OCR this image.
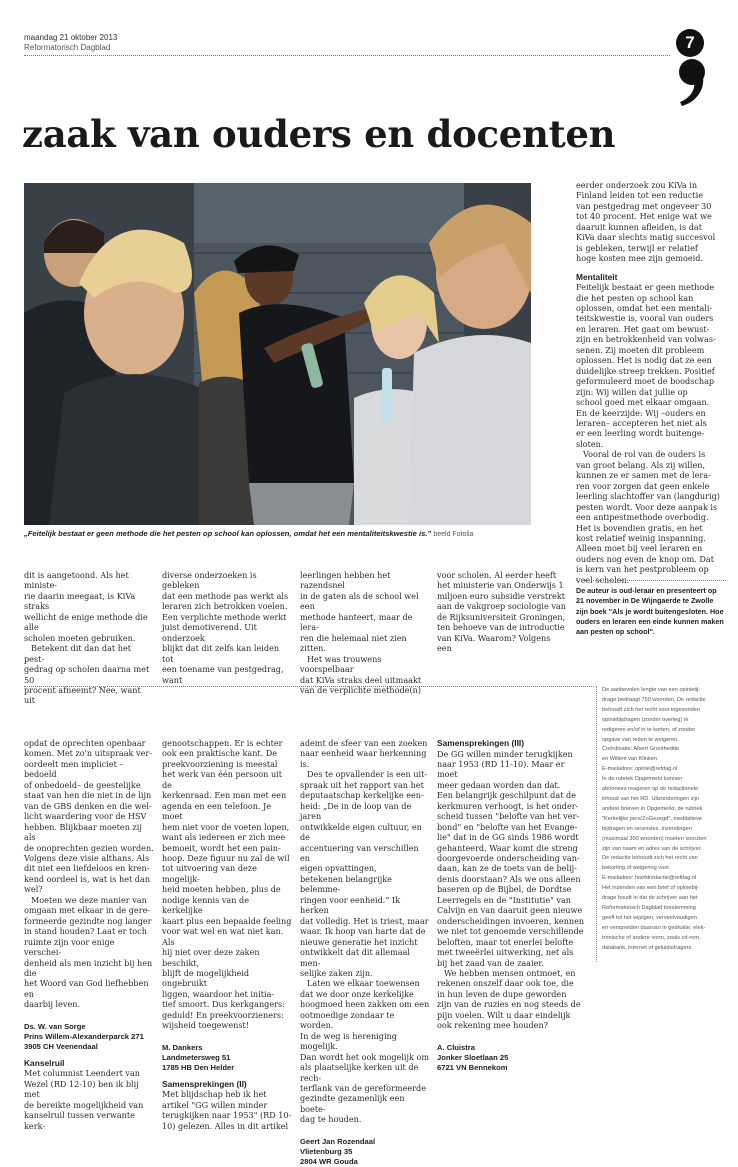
maandag 21 oktober 2013
Reformatorisch Dagblad	7
zaak van ouders en docenten
„Feitelijk bestaat er geen methode die het pesten op school kan oplossen, omdat het een mentaliteitskwestie is.” beeld Fotolia

eerder onderzoek zou KiVa in

Finland leiden tot een reductie

van pestgedrag met ongeveer 30

tot 40 procent. Het enige wat we

daaruit kunnen afleiden, is dat

KiVa daar slechts matig succesvol

is gebleken, terwijl er relatief

hoge kosten mee zijn gemoeid.

Mentaliteit

Feitelijk bestaat er geen methode

die het pesten op school kan

oplossen, omdat het een mentali-

teitskwestie is, vooral van ouders

en leraren. Het gaat om bewust-

zijn en betrokkenheid van volwas-

senen. Zij moeten dit probleem

oplossen. Het is nodig dat ze een

duidelijke streep trekken. Positief

geformuleerd moet de boodschap

zijn: Wij willen dat jullie op

school goed met elkaar omgaan.

En de keerzijde: Wij –ouders en

leraren– accepteren het niet als

er een leerling wordt buitenge-

sloten.

Vooral de rol van de ouders is

van groot belang. Als zij willen,

kunnen ze er samen met de lera-

ren voor zorgen dat geen enkele

leerling slachtoffer van (langdurig)

pesten wordt. Voor deze aanpak is

een antipestmethode overbodig.

Het is bovendien gratis, en het

kost relatief weinig inspanning.

Alleen moet bij veel leraren en

ouders nog even de knop om. Dat

is kern van het pestprobleem op

veel scholen.

De auteur is oud-leraar en presenteert op
21 november in De Wijngaerde te Zwolle
zijn boek "Als je wordt buitengesloten. Hoe
ouders en leraren een einde kunnen maken
aan pesten op school".

dit is aangetoond. Als het ministe-

rie daarin meegaat, is KiVa straks

wellicht de enige methode die alle

scholen moeten gebruiken.

Betekent dit dan dat het pest-

gedrag op scholen daarna met 50

procent afneemt? Nee, want uit

diverse onderzoeken is gebleken

dat een methode pas werkt als

leraren zich betrokken voelen.

Een verplichte methode werkt

juist demotiverend. Uit onderzoek

blijkt dat dit zelfs kan leiden tot

een toename van pestgedrag, want

leerlingen hebben het razendsnel

in de gaten als de school wel een

methode hanteert, maar de lera-

ren die helemaal niet zien zitten.

Het was trouwens voorspelbaar

dat KiVa straks deel uitmaakt

van de verplichte methode(n)

voor scholen. Al eerder heeft

het ministerie van Onderwijs 1

miljoen euro subsidie verstrekt

aan de vakgroep sociologie van

de Rijksuniversiteit Groningen,

ten behoeve van de introductie

van KiVa. Waarom? Volgens een

opdat de oprechten openbaar

komen. Met zo'n uitspraak ver-

oordeelt men impliciet –bedoeld

of onbedoeld– de geestelijke

staat van hen die niet in de lijn

van de GBS denken en die wel-

licht waardering voor de HSV

hebben. Blijkbaar moeten zij als

de onoprechten gezien worden.

Volgens deze visie althans. Als

dit niet een liefdeloos en kren-

kend oordeel is, wat is het dan

wel?

Moeten we deze manier van

omgaan met elkaar in de gere-

formeerde gezindte nog langer

in stand houden? Laat er toch

ruimte zijn voor enige verschei-

denheid als men inzicht bij hen die

het Woord van God liefhebben en

daarbij leven.

Ds. W. van Sorge
Prins Willem-Alexanderparck 271
3905 CH Veenendaal
Kanselruil

Met columnist Leendert van

Wezel (RD 12-10) ben ik blij met

de bereikte mogelijkheid van

kanselruil tussen verwante kerk-

genootschappen. Er is echter

ook een praktische kant. De

preekvoorziening is meestal

het werk van één persoon uit de

kerkenraad. Een man met een

agenda en een telefoon. Je moet

hem niet voor de voeten lopen,

want als iedereen er zich mee

bemoeit, wordt het een pain-

hoop. Deze figuur nu zal de wil

tot uitvoering van deze mogelijk-

heid moeten hebben, plus de

nodige kennis van de kerkelijke

kaart plus een bepaalde feeling

voor wat wel en wat niet kan. Als

hij niet over deze zaken beschikt,

blijft de mogelijkheid ongebruikt

liggen, waardoor het initia-

tief smoort. Dus kerkgangers:

geduld! En preekvoorzieners:

wijsheid toegewenst!

M. Dankers
Landmetersweg 51
1785 HB Den Helder
Samensprekingen (II)

Met blijdschap heb ik het

artikel "GG willen minder

terugkijken naar 1953" (RD 10-

10) gelezen. Alles in dit artikel

ademt de sfeer van een zoeken

naar eenheid waar herkenning

is.

Des te opvallender is een uit-

spraak uit het rapport van het

deputaatschap kerkelijke een-

heid: „De in de loop van de jaren

ontwikkelde eigen cultuur, en de

accentuering van verschillen en

eigen opvattingen,

betekenen belangrijke belemme-

ringen voor eenheid.” Ik herken

dat volledig. Het is triest, maar

waar. Ik hoop van harte dat de

nieuwe generatie het inzicht

ontwikkelt dat dit allemaal men-

selijke zaken zijn.

Laten we elkaar toewensen

dat we door onze kerkelijke

hoogmoed heen zakken om een

ootmoedige zondaar te worden.

In de weg is hereniging mogelijk.

Dan wordt het ook mogelijk om

als plaatselijke kerken uit de rech-

terflank van de gereformeerde

gezindte gezamenlijk een boete-

dag te houden.

Geert Jan Rozendaal
Vlietenburg 35
2804 WR Gouda
Samensprekingen (III)

De GG willen minder terugkijken

naar 1953 (RD 11-10). Maar er moet

meer gedaan worden dan dat.

Een belangrijk geschilpunt dat de

kerkmuren verhoogt, is het onder-

scheid tussen "belofte van het ver-

bond" en "belofte van het Evange-

lie" dat in de GG sinds 1986 wordt

gehanteerd. Waar komt die streng

doorgevoerde onderscheiding van-

daan, kan ze de toets van de belij-

denis doorstaan? Als we ons alleen

baseren op de Bijbel, de Dordtse

Leerregels en de "Institutie" van

Calvijn en van daaruit geen nieuwe

onderscheidingen invoeren, kennen

we niet tot genoemde verschillende

beloften, maar tot enerlei belofte

met tweeërlei uitwerking, net als

bij het zaad van de zaaier.

We hebben mensen ontmoet, en

rekenen onszelf daar ook toe, die

in hun leven de dupe geworden

zijn van de ruzies en nog steeds de

pijn voelen. Wilt u daar eindelijk

ook rekening mee houden?

A. Cluistra
Jonker Sloetlaan 25
6721 VN Bennekom
De aanbevolen lengte van een opinietij-
drage bedraagt 750 woorden. De redactie
behoudt zich het recht voor ingezonden
opiniebijdragen (zonder overleg) te
redigeren en/of in te korten, of zonder
opgave van reden te weigeren.
Coördinatie: Albert Groothedde
en Willem van Klinken
E-mailadres: opinie@refdag.nl
In de rubriek Opgemerkt kunnen
abonnees reageren op de redactionele
inhoud van het RD. Uitzonderingen zijn
andere brieven in Opgemerkt, de rubriek
"Kerkelijke pers/ZoGezegd", meditatieve
bijdragen en recensies. Inzendingen
(maximaal 300 woorden) moeten voorzien
zijn van naam en adres van de schrijver.
De redactie behoudt zich het recht van
bekorting of weigering voor.
E-mailadres: hoofdredactie@refdag.nl
Het inzenden van een brief of opiniebij-
drage houdt in dat de schrijver aan het
Reformatorisch Dagblad toestemming
geeft tot het wijzigen, verveelvoudigen
en verspreiden daarvan in gedrukte, elek-
tronische of andere vorm, zoals cd-rom,
databank, internet of geluidsdragers.
